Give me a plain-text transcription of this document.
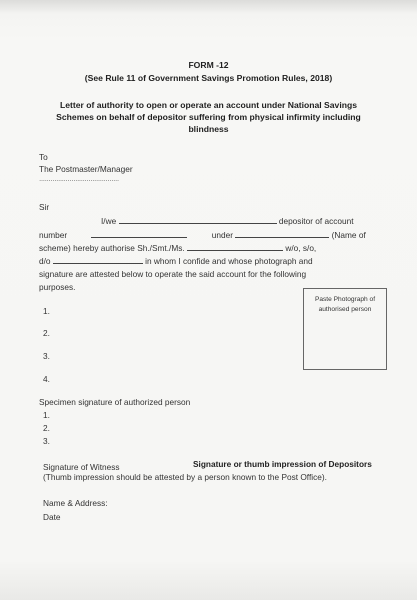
FORM -12
(See Rule 11 of Government Savings Promotion Rules, 2018)
Letter of authority to open or operate an account under National Savings
Schemes on behalf of depositor suffering from physical infirmity including
blindness
To
The Postmaster/Manager
……………………………………
Sir
I/we	depositor of account
number	under	(Name of
scheme) hereby authorise Sh./Smt./Ms.	w/o, s/o,
d/o	in whom I confide and whose photograph and
signature are attested below to operate the said account for the following
purposes.
1.
2.
3.
4.
Paste Photograph of
authorised person
Specimen signature of authorized person
1.
2.
3.
Signature of Witness	Signature or thumb impression of Depositors
(Thumb impression should be attested by a person known to the Post Office).
Name & Address:
Date
